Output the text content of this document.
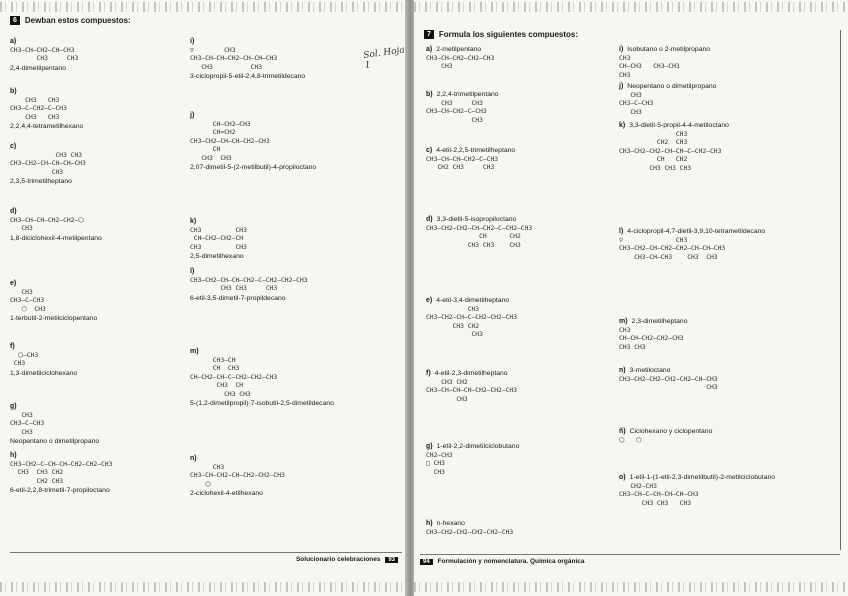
6	Dewban estos compuestos:
a)
CH3—CH—CH2—CH—CH3
CH3     CH3
2,4-dimetilpentano
b)
CH3   CH3
CH3—C—CH2—C—CH3
CH3   CH3
2,2,4,4-tetrametilhexano
c)
CH3 CH3
CH3—CH2—CH—CH—CH—CH3
CH3
2,3,5-trimetilheptano
d)
CH3—CH—CH—CH2—CH2—⬡
CH3
1,8-diciclohexil-4-metilpentano
e)
CH3
CH3—C—CH3
⬠  CH3
1-terbutil-2-metilciclopentano
f)
⬡—CH3
CH3
1,3-dimetilciclohexano
g)
CH3
CH3—C—CH3
CH3
Neopentano o dimetilpropano
h)
CH3—CH2—C—CH—CH—CH2—CH2—CH3
CH3  CH3 CH2
CH2 CH3
6-etil-2,2,8-trimetil-7-propiloctano
i)
▽        CH3
CH3—CH—CH—CH2—CH—CH—CH3
CH3          CH3
3-ciclopropil-5-etil-2,4,8-trimetildecano
j)
CH—CH2—CH3
CH=CH2
CH3—CH2—CH—CH—CH2—CH3
CH
CH3  CH3
2,07-dimetil-5-(2-metilbutil)-4-propiloctano
k)
CH3         CH3
CH—CH2—CH2—CH
CH3         CH3
2,5-dimetilhexano
l)
CH3—CH2—CH—CH—CH2—C—CH2—CH2—CH3
CH3 CH3     CH3
6-etil-3,5-dimetil-7-propildecano
m)
CH3—CH
CH  CH3
CH—CH2—CH—C—CH2—CH2—CH3
CH3  CH
CH3 CH3
5-(1,2-dimetilpropil)-7-isobutil-2,5-dimetildecano
n)
CH3
CH3—CH—CH2—CH—CH2—CH2—CH3
⬡
2-ciclohexil-4-etilhexano
Sol. Hoja 1
Solucionario celebraciones 93
7	Formula los siguientes compuestos:
a) 2-metilpentano
CH3—CH—CH2—CH2—CH3
CH3
b) 2,2,4-trimetilpentano
CH3     CH3
CH3—CH—CH2—C—CH3
CH3
c) 4-etil-2,2,5-trimetilheptano
CH3—CH—CH—CH2—C—CH3
CH2 CH3     CH3
d) 3,3-dietil-5-isopropiloctano
CH3—CH2—CH2—CH—CH2—C—CH2—CH3
CH      CH2
CH3 CH3    CH3
e) 4-etil-3,4-dimetilheptano
CH3
CH3—CH2—CH—C—CH2—CH2—CH3
CH3 CH2
CH3
f) 4-etil-2,3-dimetilheptano
CH3 CH2
CH3—CH—CH—CH—CH2—CH2—CH3
CH3
g) 1-etil-2,2-dimetilciclobutano
CH2—CH3
□ CH3
CH3
h) n-hexano
CH3—CH2—CH2—CH2—CH2—CH3
i) Isobutano o 2-metilpropano
CH3
CH—CH3   CH3—CH3
CH3
j) Neopentano o dimetilpropano
CH3
CH3—C—CH3
CH3
k) 3,3-dietil-5-propil-4-4-metiloctano
CH3
CH2  CH3
CH3—CH2—CH2—CH—CH—C—CH2—CH3
CH   CH2
CH3 CH3 CH3
l) 4-ciclopropil-4,7-dietil-3,9,10-tetrametildecano
▽              CH3
CH3—CH2—CH—CH2—CH2—CH—CH—CH3
CH3—CH—CH3    CH3  CH3
m) 2,3-dimetilheptano
CH3
CH—CH—CH2—CH2—CH3
CH3 CH3
n) 3-metiloctano
CH3—CH2—CH2—CH2—CH2—CH—CH3
CH3
ñ) Ciclohexano y ciclopentano
⬡   ⬠
o) 1-etil-1-(1-etil-2,3-dimetilbutil)-2-metilciclobutano
CH2—CH3
CH3—CH—C—CH—CH—CH—CH3
CH3 CH3   CH3
94 Formulación y nomenclatura. Química orgánica
